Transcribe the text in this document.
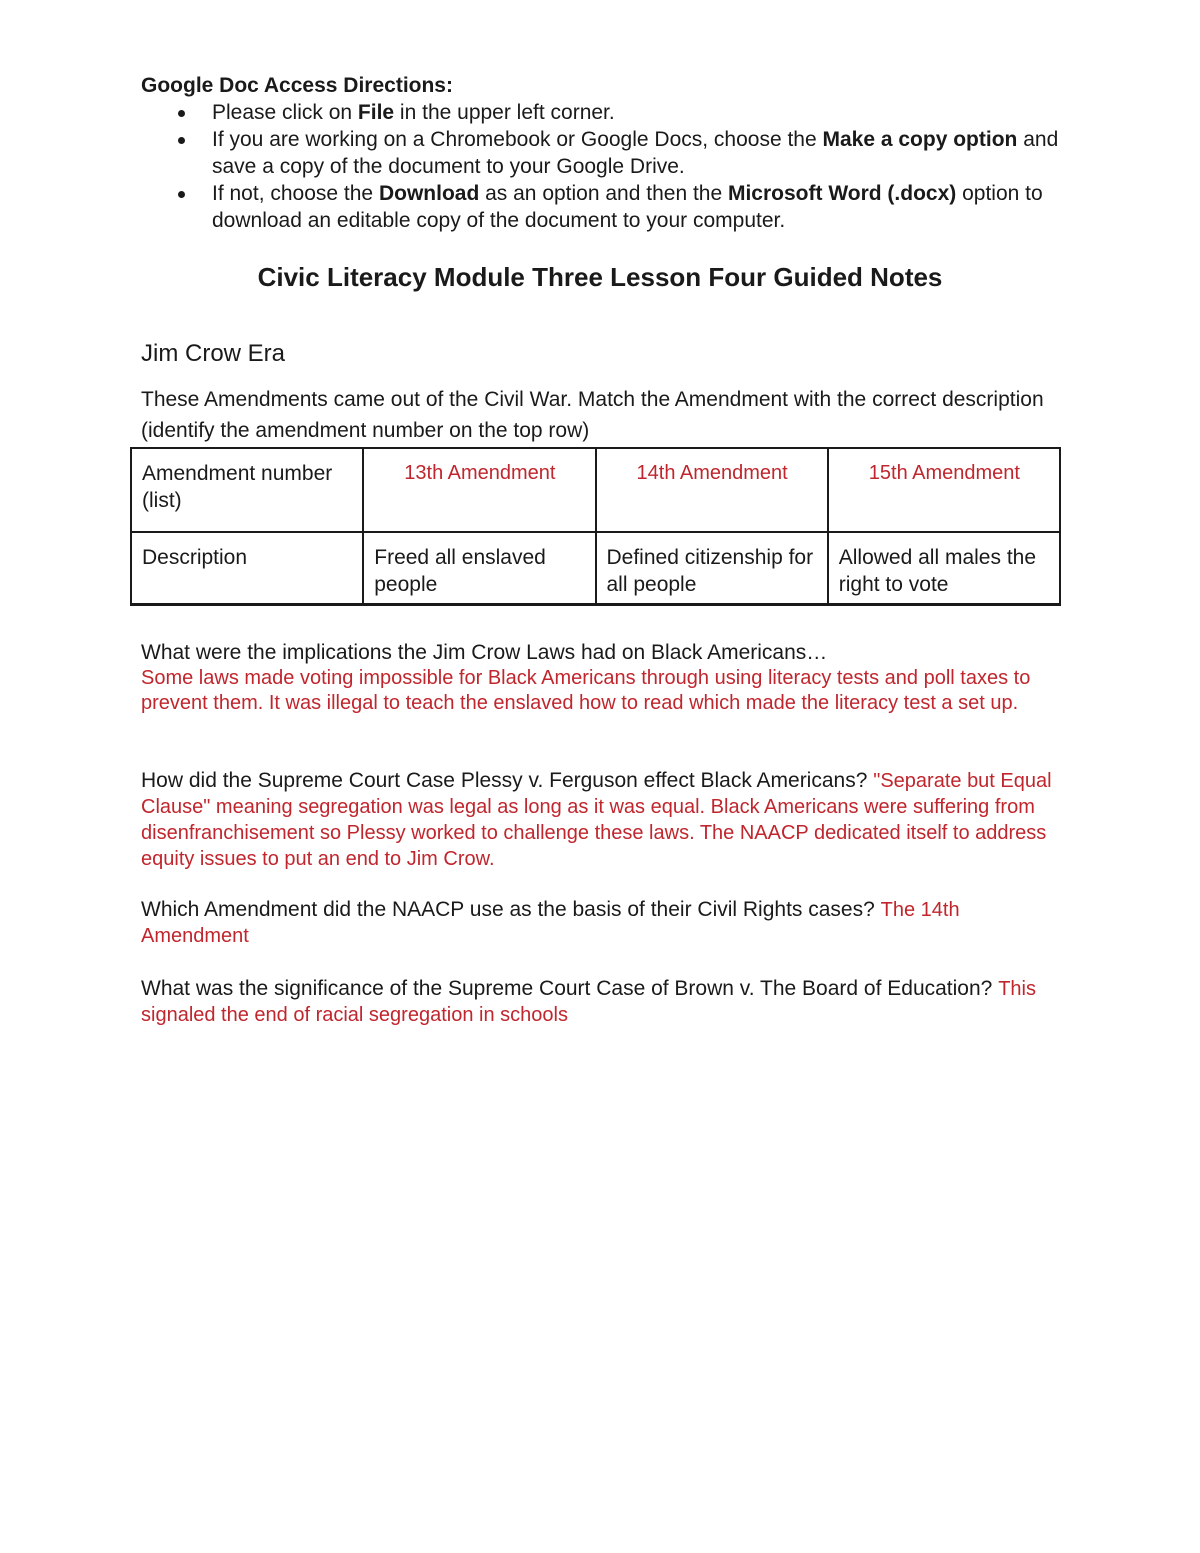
Google Doc Access Directions:

Please click on File in the upper left corner.
If you are working on a Chromebook or Google Docs, choose the Make a copy option and save a copy of the document to your Google Drive.
If not, choose the Download as an option and then the Microsoft Word (.docx) option to download an editable copy of the document to your computer.
Civic Literacy Module Three Lesson Four Guided Notes
Jim Crow Era
These Amendments came out of the Civil War. Match the Amendment with the correct description (identify the amendment number on the top row)
Amendment number (list)	13th Amendment	14th Amendment	15th Amendment
Description	Freed all enslaved people	Defined citizenship for all people	Allowed all males the right to vote
What were the implications the Jim Crow Laws had on Black Americans…
Some laws made voting impossible for Black Americans through using literacy tests and poll taxes to prevent them. It was illegal to teach the enslaved how to read which made the literacy test a set up.
How did the Supreme Court Case Plessy v. Ferguson effect Black Americans? "Separate but Equal Clause" meaning segregation was legal as long as it was equal. Black Americans were suffering from disenfranchisement so Plessy worked to challenge these laws. The NAACP dedicated itself to address equity issues to put an end to Jim Crow.
Which Amendment did the NAACP use as the basis of their Civil Rights cases? The 14th Amendment
What was the significance of the Supreme Court Case of Brown v. The Board of Education? This signaled the end of racial segregation in schools
